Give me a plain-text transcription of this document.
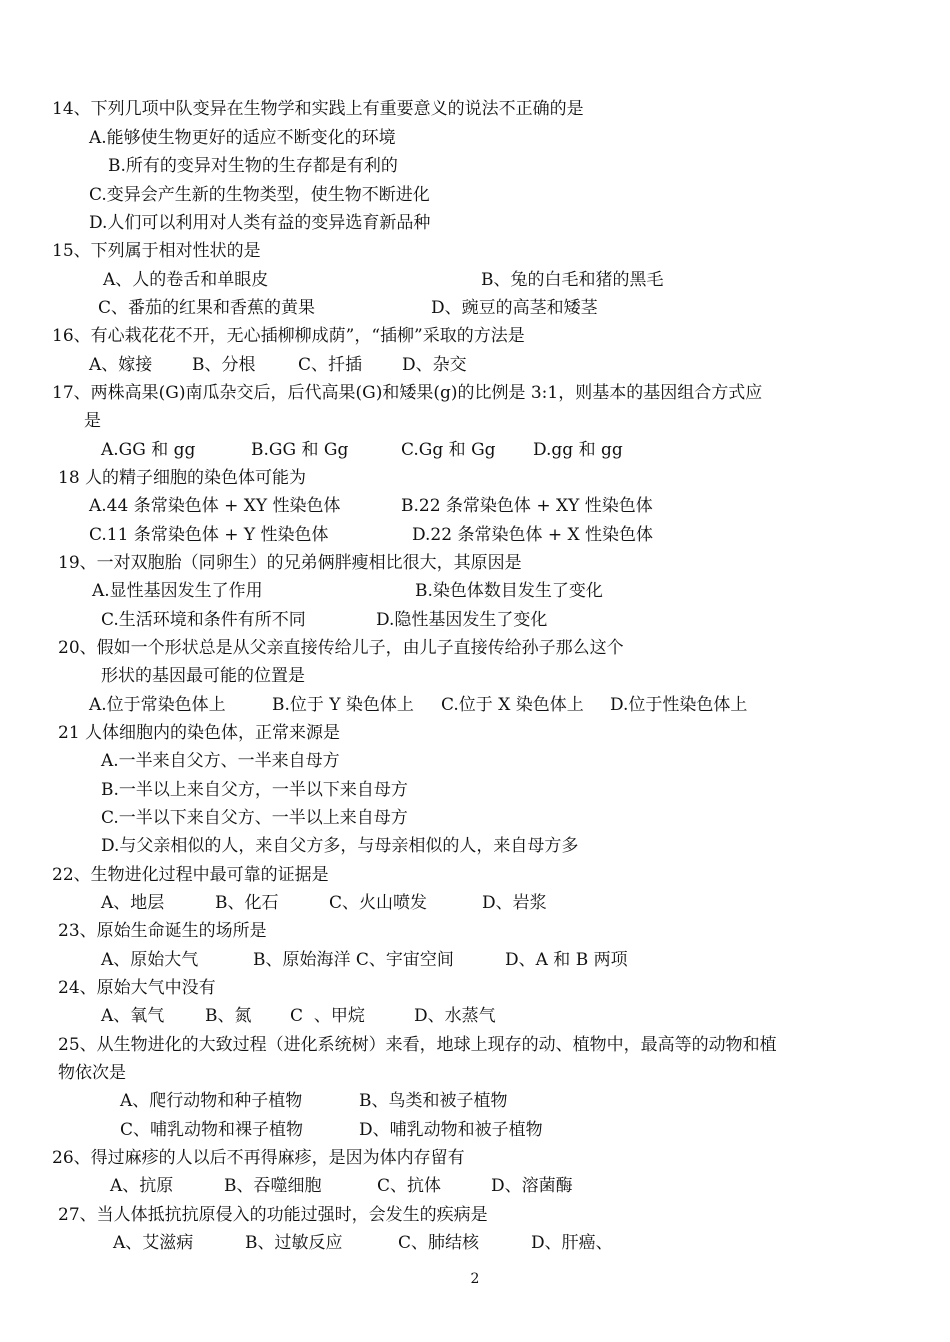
14、下列几项中队变异在生物学和实践上有重要意义的说法不正确的是
A.能够使生物更好的适应不断变化的环境
B.所有的变异对生物的生存都是有利的
C.变异会产生新的生物类型，使生物不断进化
D.人们可以利用对人类有益的变异选育新品种
15、下列属于相对性状的是
A、人的卷舌和单眼皮	B、兔的白毛和猪的黑毛
C、番茄的红果和香蕉的黄果	D、豌豆的高茎和矮茎
16、有心栽花花不开，无心插柳柳成荫”，“插柳”采取的方法是
A、嫁接 B、分根	C、扦插 D、杂交
17、两株高果(G)南瓜杂交后，后代高果(G)和矮果(g)的比例是 3:1，则基本的基因组合方式应
是
A.GG 和 gg	B.GG 和 Gg	C.Gg 和 Gg D.gg 和 gg
18 人的精子细胞的染色体可能为
A.44 条常染色体 + XY 性染色体	B.22 条常染色体 + XY 性染色体
C.11 条常染色体 + Y 性染色体	D.22 条常染色体 + X 性染色体
19、一对双胞胎（同卵生）的兄弟俩胖瘦相比很大，其原因是
A.显性基因发生了作用	B.染色体数目发生了变化
C.生活环境和条件有所不同	D.隐性基因发生了变化
20、假如一个形状总是从父亲直接传给儿子，由儿子直接传给孙子那么这个
形状的基因最可能的位置是
A.位于常染色体上	B.位于 Y 染色体上 C.位于 X 染色体上 D.位于性染色体上
21 人体细胞内的染色体，正常来源是
A.一半来自父方、一半来自母方
B.一半以上来自父方，一半以下来自母方
C.一半以下来自父方、一半以上来自母方
D.与父亲相似的人，来自父方多，与母亲相似的人，来自母方多
22、生物进化过程中最可靠的证据是
A、地层	B、化石	C、火山喷发	D、岩浆
23、原始生命诞生的场所是
A、原始大气	B、原始海洋 C、宇宙空间	D、A 和 B 两项
24、原始大气中没有
A、氧气 B、氮 C  、甲烷	D、水蒸气
25、从生物进化的大致过程（进化系统树）来看，地球上现存的动、植物中，最高等的动物和植
物依次是
A、爬行动物和种子植物	B、鸟类和被子植物
C、哺乳动物和裸子植物	D、哺乳动物和被子植物
26、得过麻疹的人以后不再得麻疹，是因为体内存留有
A、抗原	B、吞噬细胞	C、抗体	D、溶菌酶
27、当人体抵抗抗原侵入的功能过强时，会发生的疾病是
A、艾滋病	B、过敏反应	C、肺结核	D、肝癌、
2
